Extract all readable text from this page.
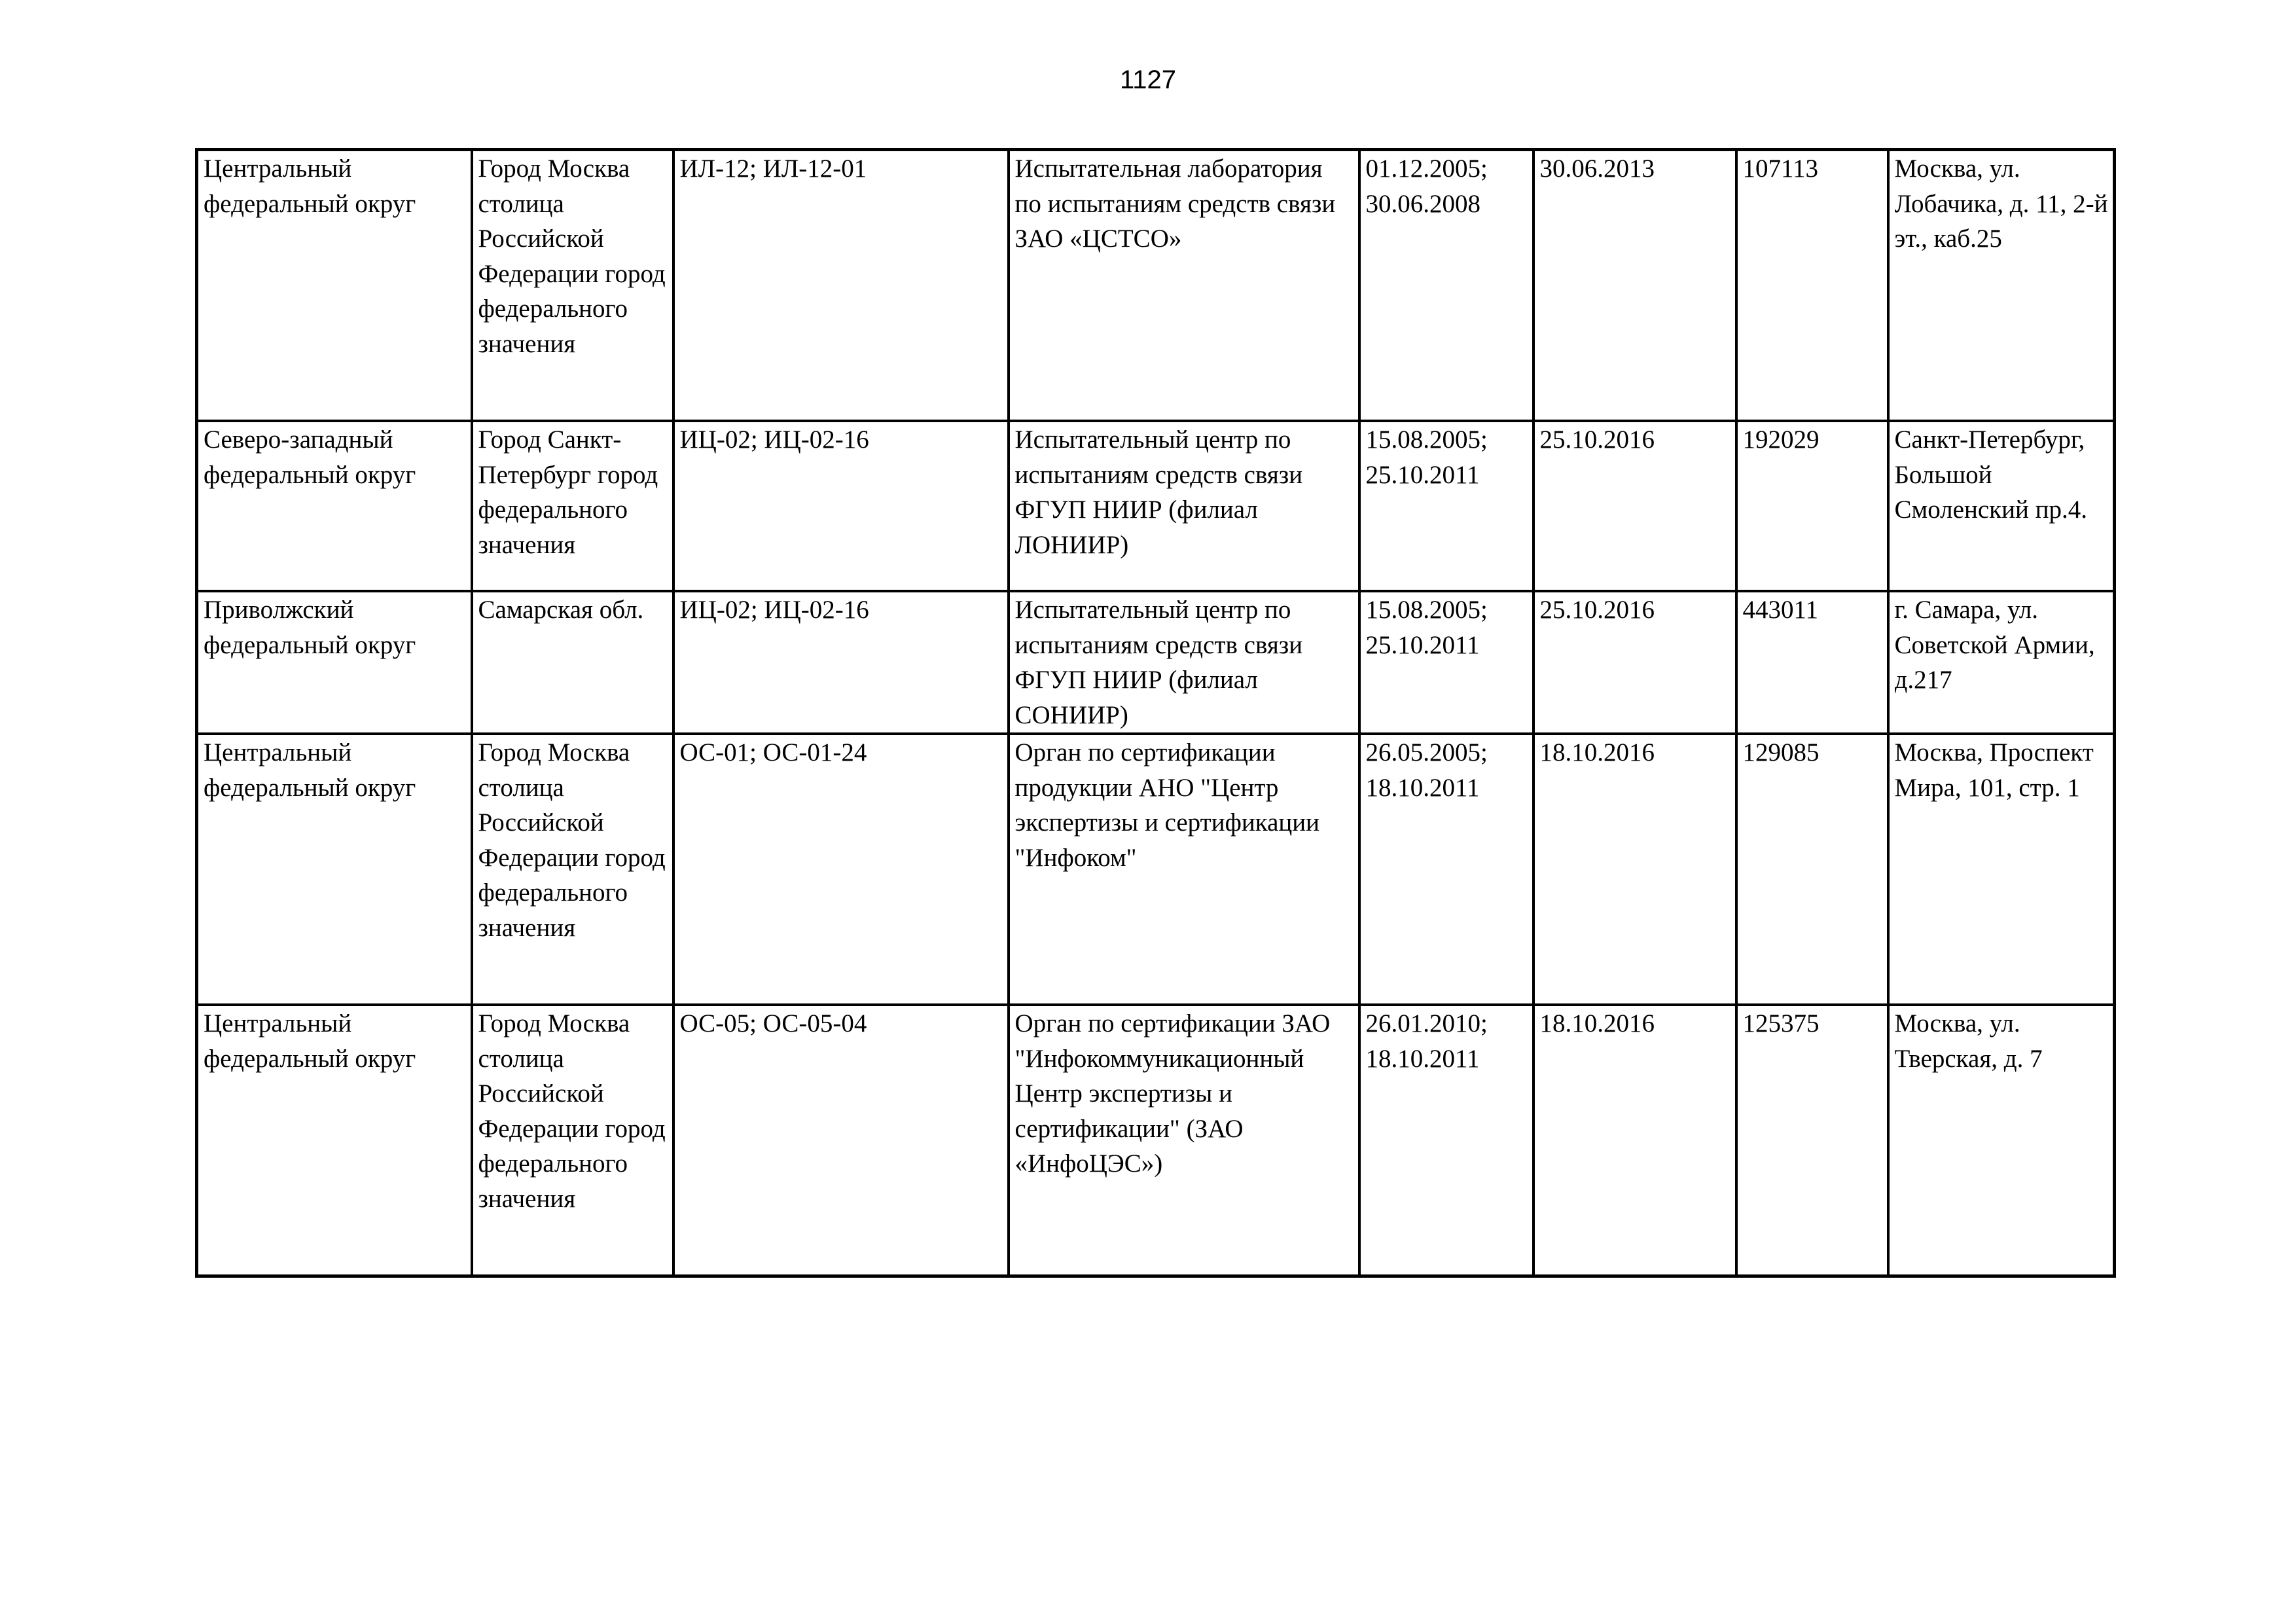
1127
Центральный федеральный округ	Город Москва столица Российской Федерации город федерального значения	ИЛ-12; ИЛ-12-01	Испытательная лаборатория по испытаниям средств связи ЗАО «ЦСТСО»	01.12.2005; 30.06.2008	30.06.2013	107113	Москва, ул. Лобачика, д. 11, 2-й эт., каб.25

Северо-западный федеральный округ	Город Санкт-Петербург город федерального значения	ИЦ-02; ИЦ-02-16	Испытательный центр по испытаниям средств связи ФГУП НИИР (филиал ЛОНИИР)	15.08.2005; 25.10.2011	25.10.2016	192029	Санкт-Петербург, Большой Смоленский пр.4.

Приволжский федеральный округ	Самарская обл.	ИЦ-02; ИЦ-02-16	Испытательный центр по испытаниям средств связи ФГУП НИИР (филиал СОНИИР)	15.08.2005; 25.10.2011	25.10.2016	443011	г. Самара, ул. Советской Армии, д.217

Центральный федеральный округ	Город Москва столица Российской Федерации город федерального значения	ОС-01; ОС-01-24	Орган по сертификации продукции АНО "Центр экспертизы и сертификации "Инфоком"	26.05.2005; 18.10.2011	18.10.2016	129085	Москва, Проспект Мира, 101, стр. 1

Центральный федеральный округ	Город Москва столица Российской Федерации город федерального значения	ОС-05; ОС-05-04	Орган по сертификации ЗАО "Инфокоммуникационный Центр экспертизы и сертификации" (ЗАО «ИнфоЦЭС»)	26.01.2010; 18.10.2011	18.10.2016	125375	Москва, ул. Тверская, д. 7
